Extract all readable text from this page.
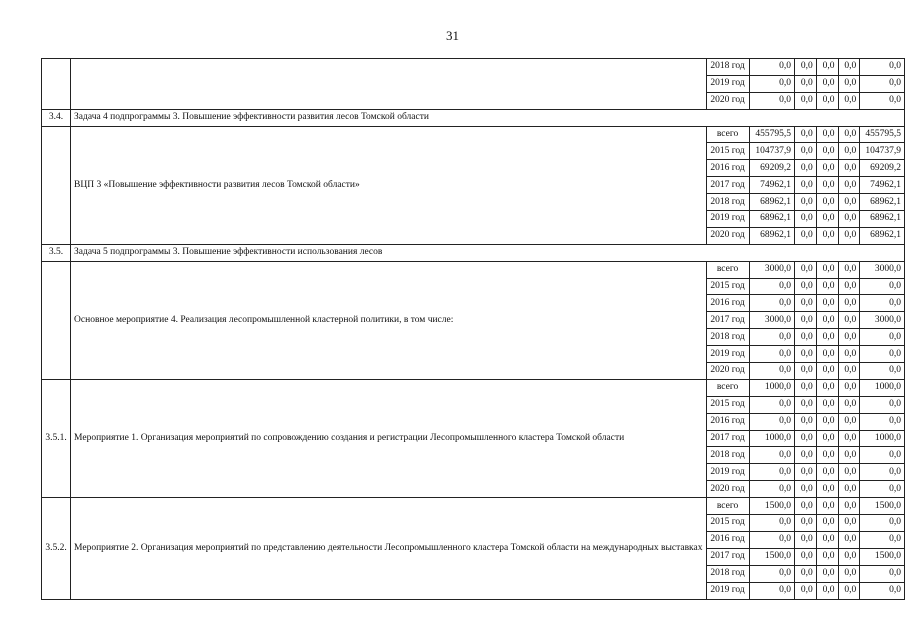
31
		2018 год	0,0	0,0	0,0	0,0	0,0
		2019 год	0,0	0,0	0,0	0,0	0,0
		2020 год	0,0	0,0	0,0	0,0	0,0
3.4.	Задача 4 подпрограммы 3. Повышение эффективности развития лесов Томской области						
	ВЦП 3 «Повышение эффективности развития лесов Томской области»	всего	455795,5	0,0	0,0	0,0	455795,5
		2015 год	104737,9	0,0	0,0	0,0	104737,9
		2016 год	69209,2	0,0	0,0	0,0	69209,2
		2017 год	74962,1	0,0	0,0	0,0	74962,1
		2018 год	68962,1	0,0	0,0	0,0	68962,1
		2019 год	68962,1	0,0	0,0	0,0	68962,1
		2020 год	68962,1	0,0	0,0	0,0	68962,1
3.5.	Задача 5 подпрограммы 3. Повышение эффективности использования лесов						
	Основное мероприятие 4. Реализация лесопромышленной кластерной политики, в том числе:	всего	3000,0	0,0	0,0	0,0	3000,0
		2015 год	0,0	0,0	0,0	0,0	0,0
		2016 год	0,0	0,0	0,0	0,0	0,0
		2017 год	3000,0	0,0	0,0	0,0	3000,0
		2018 год	0,0	0,0	0,0	0,0	0,0
		2019 год	0,0	0,0	0,0	0,0	0,0
		2020 год	0,0	0,0	0,0	0,0	0,0
3.5.1.	Мероприятие 1. Организация мероприятий по сопровождению создания и регистрации Лесопромышленного кластера Томской области	всего	1000,0	0,0	0,0	0,0	1000,0
		2015 год	0,0	0,0	0,0	0,0	0,0
		2016 год	0,0	0,0	0,0	0,0	0,0
		2017 год	1000,0	0,0	0,0	0,0	1000,0
		2018 год	0,0	0,0	0,0	0,0	0,0
		2019 год	0,0	0,0	0,0	0,0	0,0
		2020 год	0,0	0,0	0,0	0,0	0,0
3.5.2.	Мероприятие 2. Организация мероприятий по представлению деятельности Лесопромышленного кластера Томской области на международных выставках	всего	1500,0	0,0	0,0	0,0	1500,0
		2015 год	0,0	0,0	0,0	0,0	0,0
		2016 год	0,0	0,0	0,0	0,0	0,0
		2017 год	1500,0	0,0	0,0	0,0	1500,0
		2018 год	0,0	0,0	0,0	0,0	0,0
		2019 год	0,0	0,0	0,0	0,0	0,0
